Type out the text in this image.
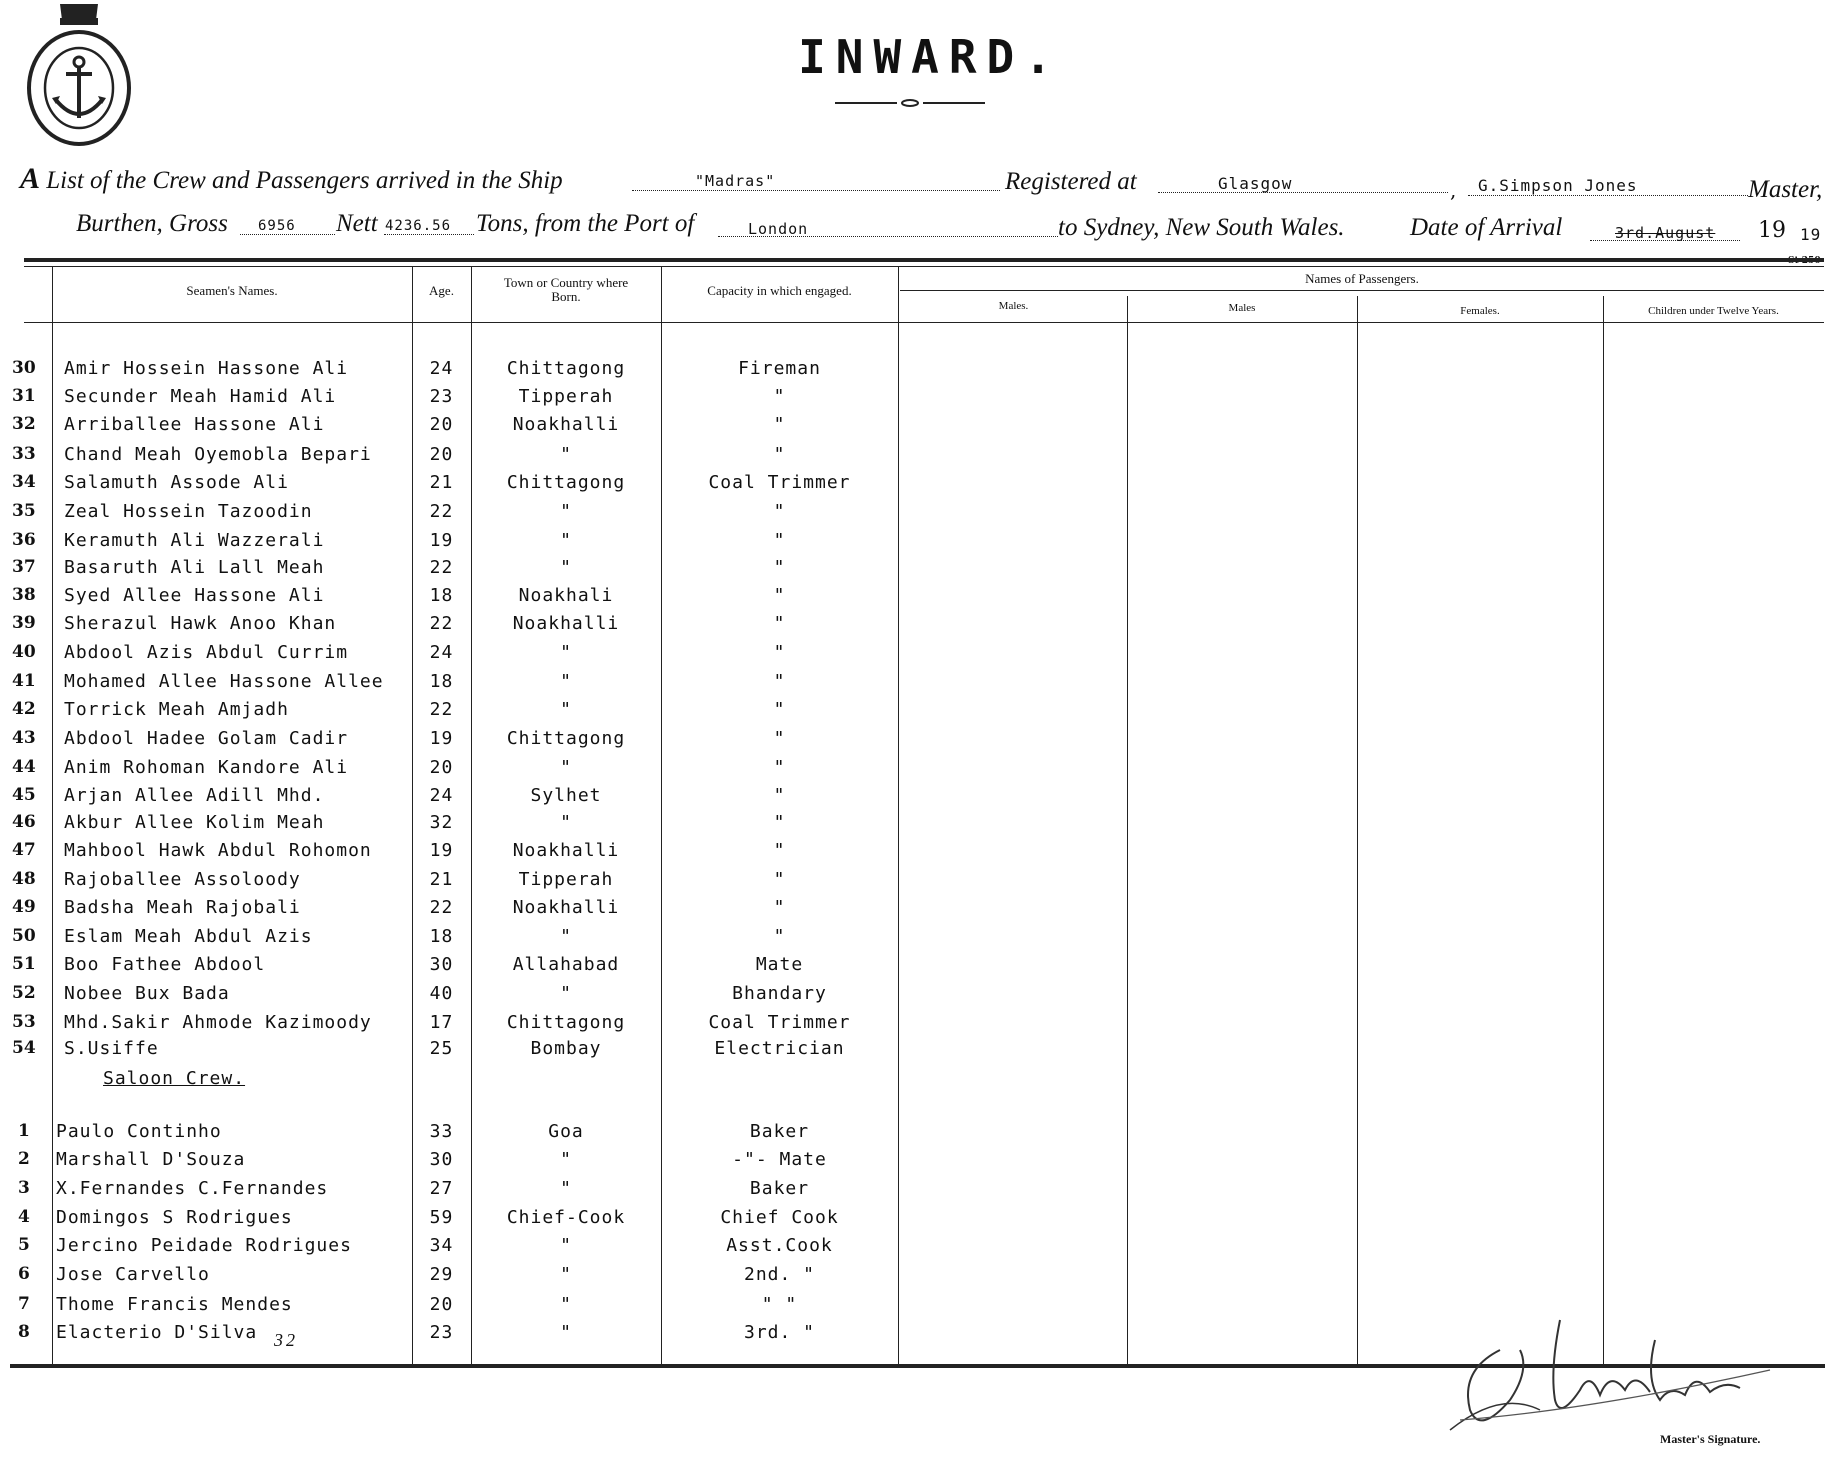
INWARD.
A List of the Crew and Passengers arrived in the Ship	"Madras"	Registered at	Glasgow	, G.Simpson Jones	Master,
Burthen, Gross 6956 Nett 4236.56 Tons, from the Port of	London	to Sydney, New South Wales.	Date of Arrival	3rd.August 19 19
St 250
Seamen's Names.	Age.
Town or Country where Born.	Capacity in which engaged.
Names of Passengers.
Males.	Males	Females.	Children under Twelve Years.
30	Amir Hossein Hassone Ali	24	Chittagong	Fireman
31	Secunder Meah Hamid Ali	23	Tipperah	"
32	Arriballee Hassone Ali	20	Noakhalli	"
33	Chand Meah Oyemobla Bepari	20	"	"
34	Salamuth Assode Ali	21	Chittagong	Coal Trimmer
35	Zeal Hossein Tazoodin	22	"	"
36	Keramuth Ali Wazzerali	19	"	"
37	Basaruth Ali Lall Meah	22	"	"
38	Syed Allee Hassone Ali	18	Noakhali	"
39	Sherazul Hawk Anoo Khan	22	Noakhalli	"
40	Abdool Azis Abdul Currim	24	"	"
41	Mohamed Allee Hassone Allee	18	"	"
42	Torrick Meah Amjadh	22	"	"
43	Abdool Hadee Golam Cadir	19	Chittagong	"
44	Anim Rohoman Kandore Ali	20	"	"
45	Arjan Allee Adill Mhd.	24	Sylhet	"
46	Akbur Allee Kolim Meah	32	"	"
47	Mahbool Hawk Abdul Rohomon	19	Noakhalli	"
48	Rajoballee Assoloody	21	Tipperah	"
49	Badsha Meah Rajobali	22	Noakhalli	"
50	Eslam Meah Abdul Azis	18	"	"
51	Boo Fathee Abdool	30	Allahabad	Mate
52	Nobee Bux Bada	40	"	Bhandary
53	Mhd.Sakir Ahmode Kazimoody	17	Chittagong	Coal Trimmer
54	S.Usiffe	25	Bombay	Electrician
Saloon Crew.
1	Paulo Continho	33	Goa	Baker
2	Marshall D'Souza	30	"	-"- Mate
3	X.Fernandes C.Fernandes	27	"	Baker
4	Domingos S Rodrigues	59	Chief-Cook	Chief Cook
5	Jercino Peidade Rodrigues	34	"	Asst.Cook
6	Jose Carvello	29	"	2nd. "
7	Thome Francis Mendes	20	"	" "
8	Elacterio D'Silva	23	"	3rd. "
32
Master's Signature.
